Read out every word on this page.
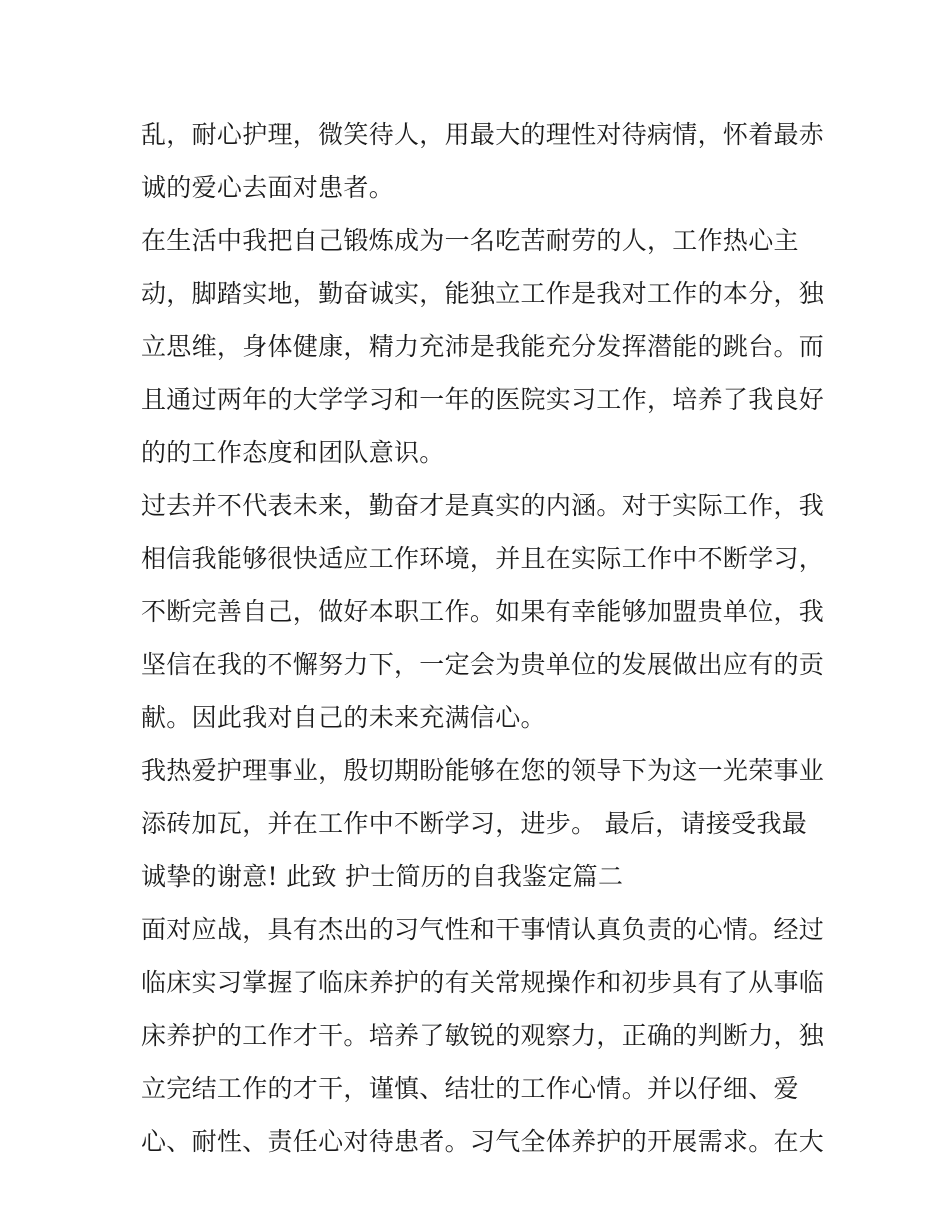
乱，耐心护理，微笑待人，用最大的理性对待病情，怀着最赤
诚的爱心去面对患者。
在生活中我把自己锻炼成为一名吃苦耐劳的人，工作热心主
动，脚踏实地，勤奋诚实，能独立工作是我对工作的本分，独
立思维，身体健康，精力充沛是我能充分发挥潜能的跳台。而
且通过两年的大学学习和一年的医院实习工作，培养了我良好
的的工作态度和团队意识。
过去并不代表未来，勤奋才是真实的内涵。对于实际工作，我
相信我能够很快适应工作环境，并且在实际工作中不断学习，
不断完善自己，做好本职工作。如果有幸能够加盟贵单位，我
坚信在我的不懈努力下，一定会为贵单位的发展做出应有的贡
献。因此我对自己的未来充满信心。
我热爱护理事业，殷切期盼能够在您的领导下为这一光荣事业
添砖加瓦，并在工作中不断学习，进步。 最后，请接受我最
诚挚的谢意! 此致 护士简历的自我鉴定篇二
面对应战，具有杰出的习气性和干事情认真负责的心情。经过
临床实习掌握了临床养护的有关常规操作和初步具有了从事临
床养护的工作才干。培养了敏锐的观察力，正确的判断力，独
立完结工作的才干，谨慎、结壮的工作心情。并以仔细、爱
心、耐性、责任心对待患者。习气全体养护的开展需求。在大
